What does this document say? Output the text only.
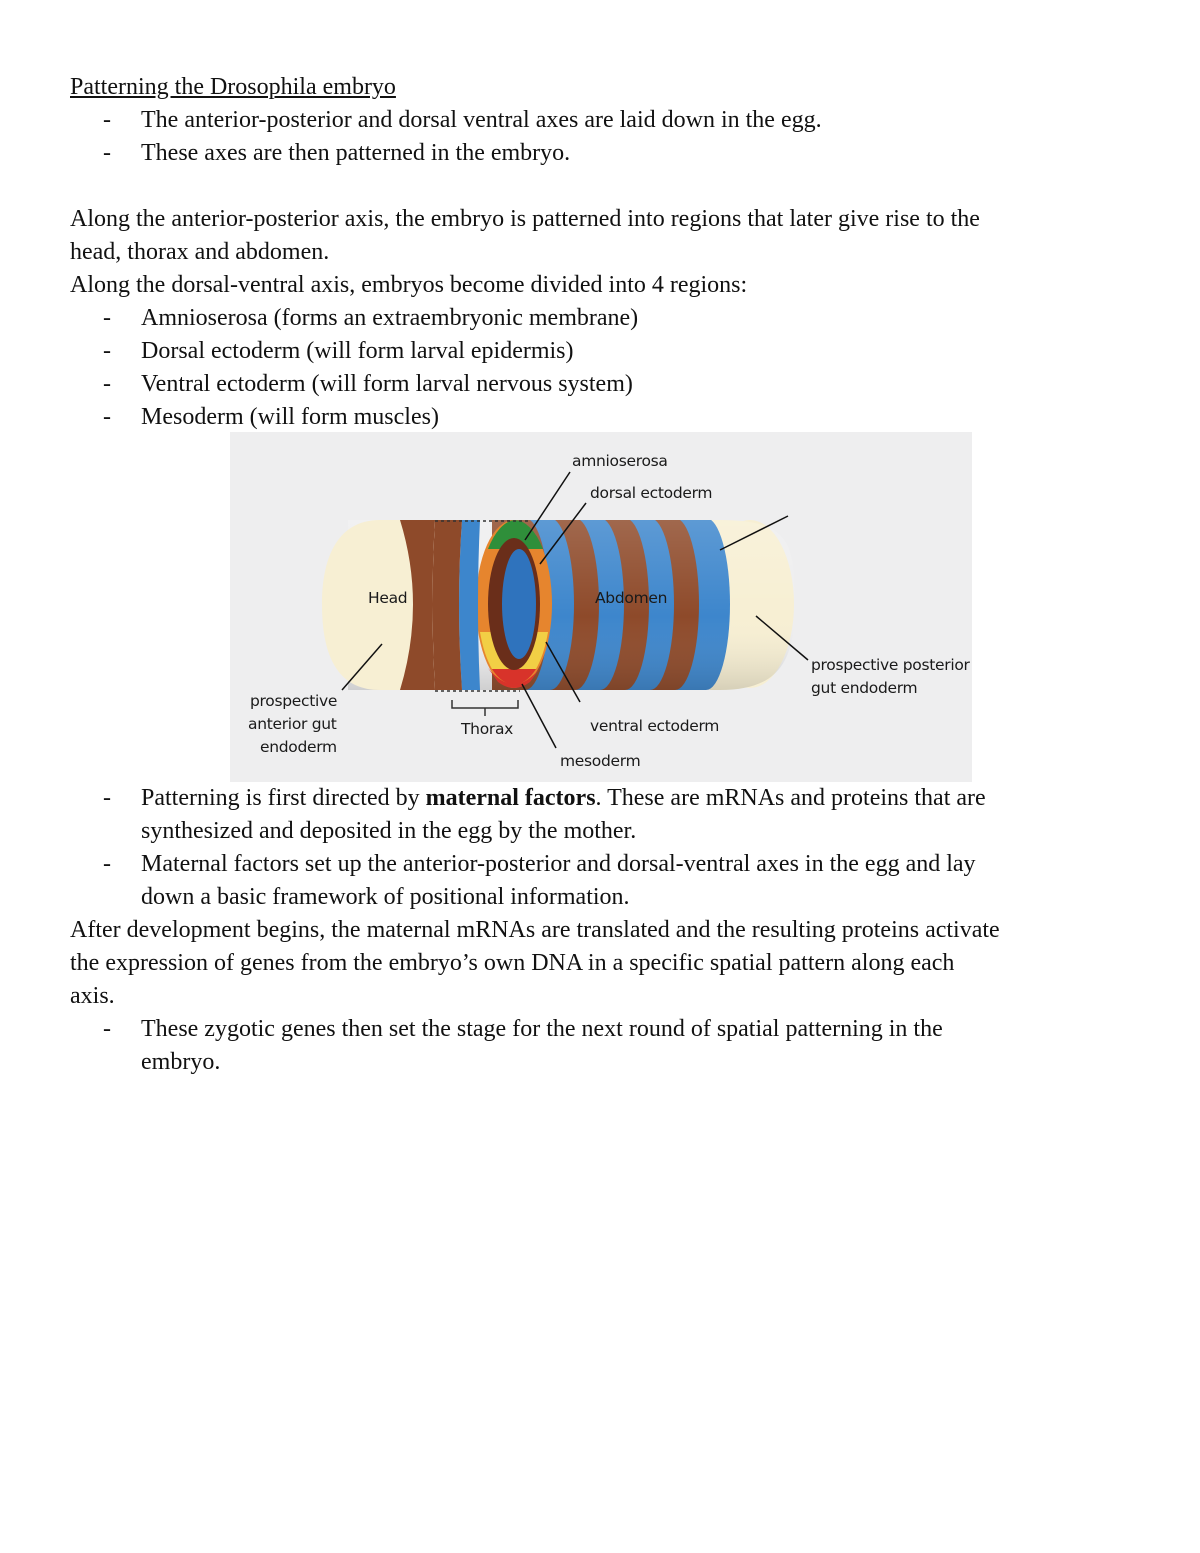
Patterning the Drosophila embryo
- The anterior-posterior and dorsal ventral axes are laid down in the egg.
- These axes are then patterned in the embryo.
Along the anterior-posterior axis, the embryo is patterned into regions that later give rise to the
head, thorax and abdomen.
Along the dorsal-ventral axis, embryos become divided into 4 regions:
- Amnioserosa (forms an extraembryonic membrane)
- Dorsal ectoderm (will form larval epidermis)
- Ventral ectoderm (will form larval nervous system)
- Mesoderm (will form muscles)
amnioserosa
dorsal ectoderm
Head	Abdomen
Thorax	ventral ectoderm
mesoderm
prospective
anterior gut
endoderm
prospective posterior
gut endoderm
- Patterning is first directed by maternal factors. These are mRNAs and proteins that are
synthesized and deposited in the egg by the mother.
- Maternal factors set up the anterior-posterior and dorsal-ventral axes in the egg and lay
down a basic framework of positional information.
After development begins, the maternal mRNAs are translated and the resulting proteins activate
the expression of genes from the embryo’s own DNA in a specific spatial pattern along each
axis.
- These zygotic genes then set the stage for the next round of spatial patterning in the
embryo.
